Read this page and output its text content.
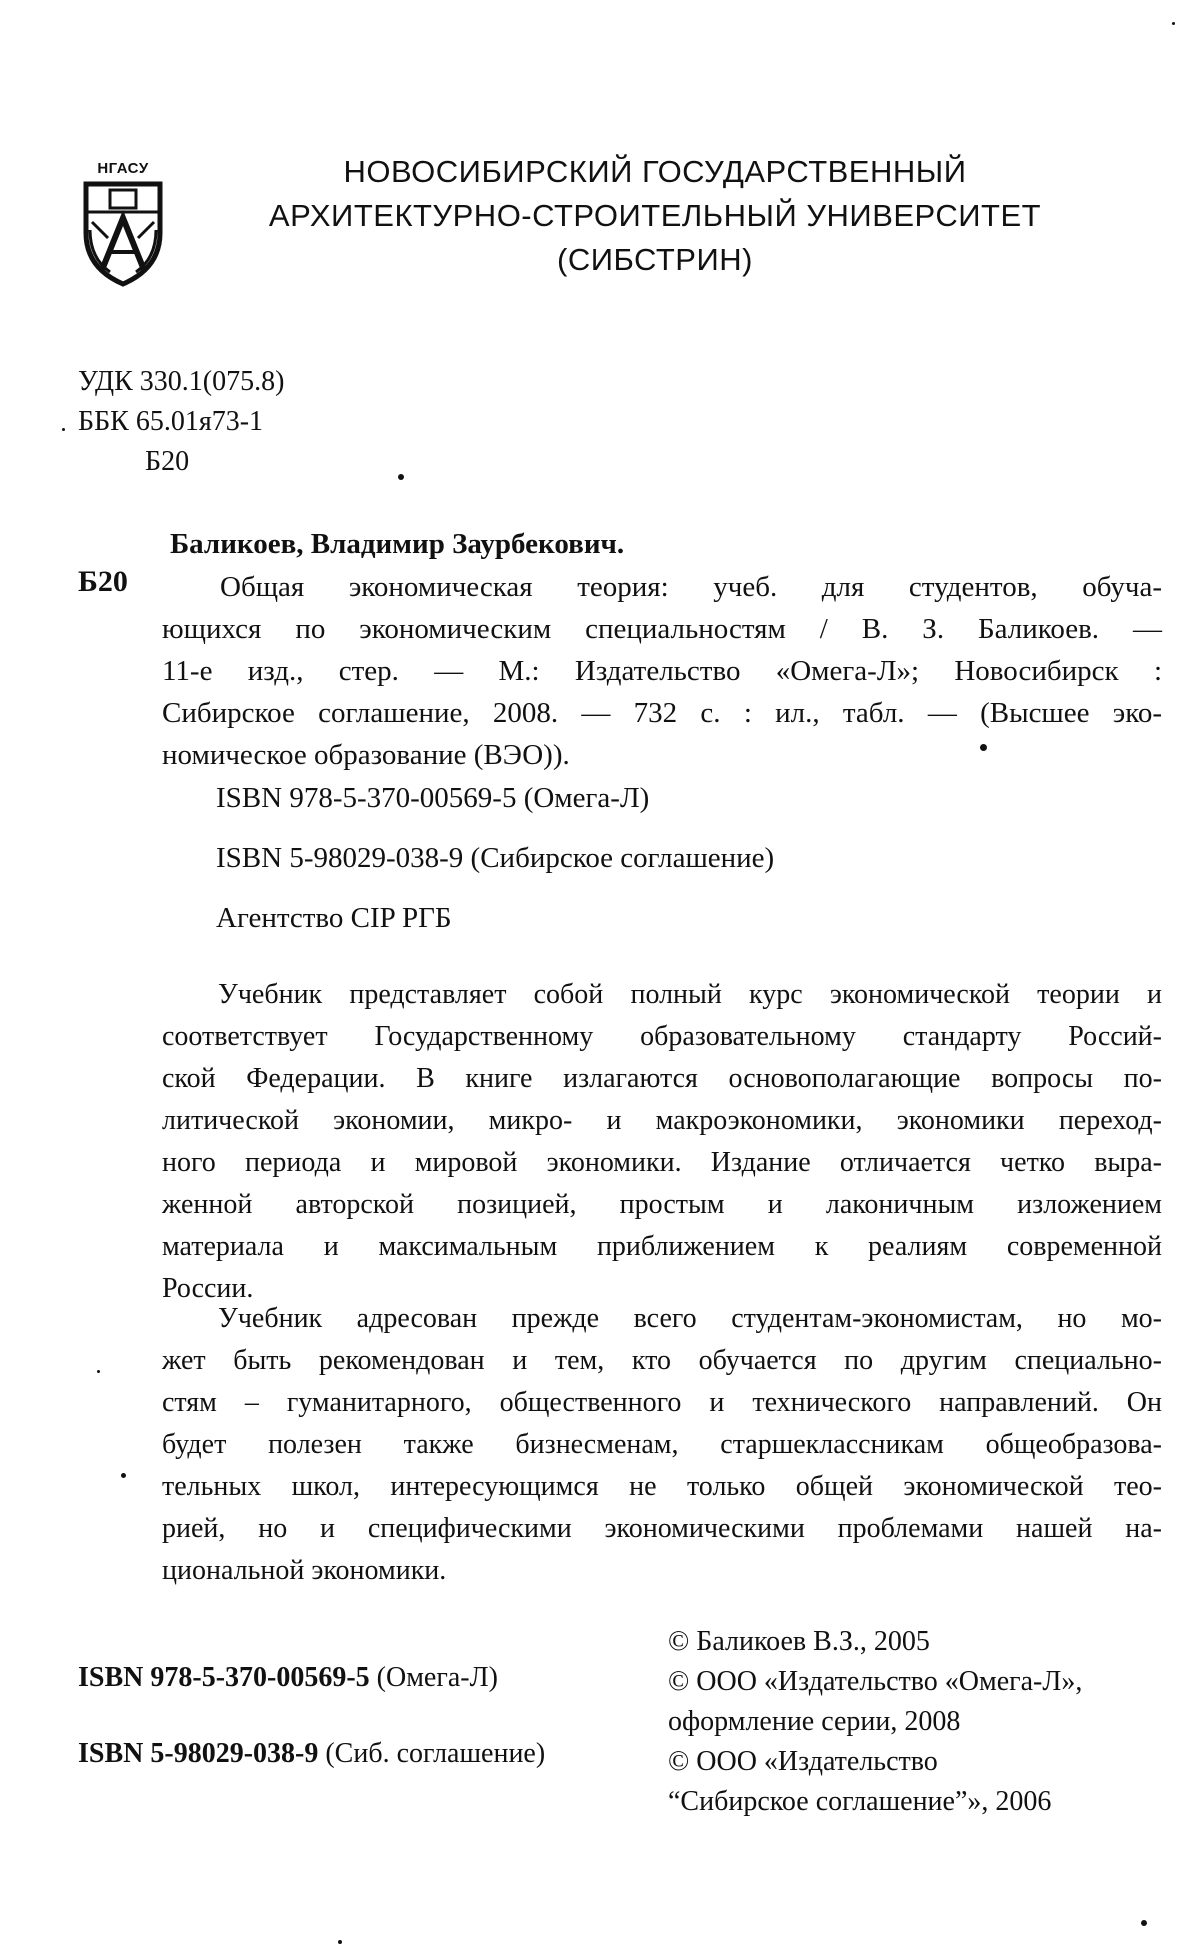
НГАСУ	НОВОСИБИРСКИЙ ГОСУДАРСТВЕННЫЙ
АРХИТЕКТУРНО-СТРОИТЕЛЬНЫЙ УНИВЕРСИТЕТ
(СИБСТРИН)
УДК 330.1(075.8)
ББК 65.01я73-1
Б20
Баликоев, Владимир Заурбекович.
Б20	Общая экономическая теория: учеб. для студентов, обуча-
ющихся по экономическим специальностям / В. З. Баликоев. —
11-е изд., стер. — М.: Издательство «Омега-Л»; Новосибирск :
Сибирское соглашение, 2008. — 732 с. : ил., табл. — (Высшее эко-
номическое образование (ВЭО)).
ISBN 978-5-370-00569-5 (Омега-Л)
ISBN 5-98029-038-9 (Сибирское соглашение)
Агентство CIP РГБ
Учебник представляет собой полный курс экономической теории и
соответствует Государственному образовательному стандарту Россий-
ской Федерации. В книге излагаются основополагающие вопросы по-
литической экономии, микро- и макроэкономики, экономики переход-
ного периода и мировой экономики. Издание отличается четко выра-
женной авторской позицией, простым и лаконичным изложением
материала и максимальным приближением к реалиям современной
России.
Учебник адресован прежде всего студентам-экономистам, но мо-
жет быть рекомендован и тем, кто обучается по другим специально-
стям – гуманитарного, общественного и технического направлений. Он
будет полезен также бизнесменам, старшеклассникам общеобразова-
тельных школ, интересующимся не только общей экономической тео-
рией, но и специфическими экономическими проблемами нашей на-
циональной экономики.
ISBN 978-5-370-00569-5 (Омега-Л)
ISBN 5-98029-038-9 (Сиб. соглашение)
© Баликоев В.З., 2005
© ООО «Издательство «Омега-Л»,
оформление серии, 2008
© ООО «Издательство
“Сибирское соглашение”», 2006
